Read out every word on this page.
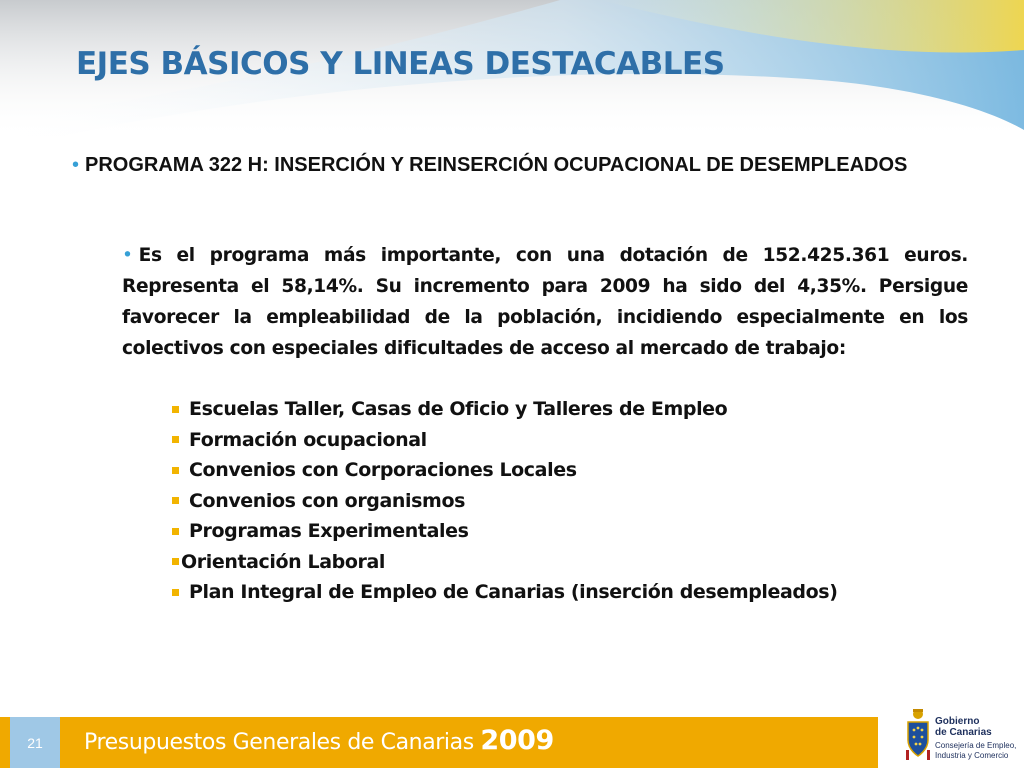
EJES BÁSICOS Y LINEAS DESTACABLES
• PROGRAMA 322 H: INSERCIÓN Y REINSERCIÓN OCUPACIONAL DE DESEMPLEADOS
• Es el programa más importante, con una dotación de 152.425.361 euros. Representa el 58,14%. Su incremento para 2009 ha sido del 4,35%. Persigue favorecer la empleabilidad de la población, incidiendo especialmente en los colectivos con especiales dificultades de acceso al mercado de trabajo:
Escuelas Taller, Casas de Oficio y Talleres de Empleo
Formación ocupacional
Convenios con Corporaciones Locales
Convenios con organismos
Programas Experimentales
Orientación Laboral
Plan Integral de Empleo de Canarias (inserción desempleados)
21	Presupuestos Generales de Canarias 2009
Gobierno
de Canarias
Consejería de Empleo,
Industria y Comercio
